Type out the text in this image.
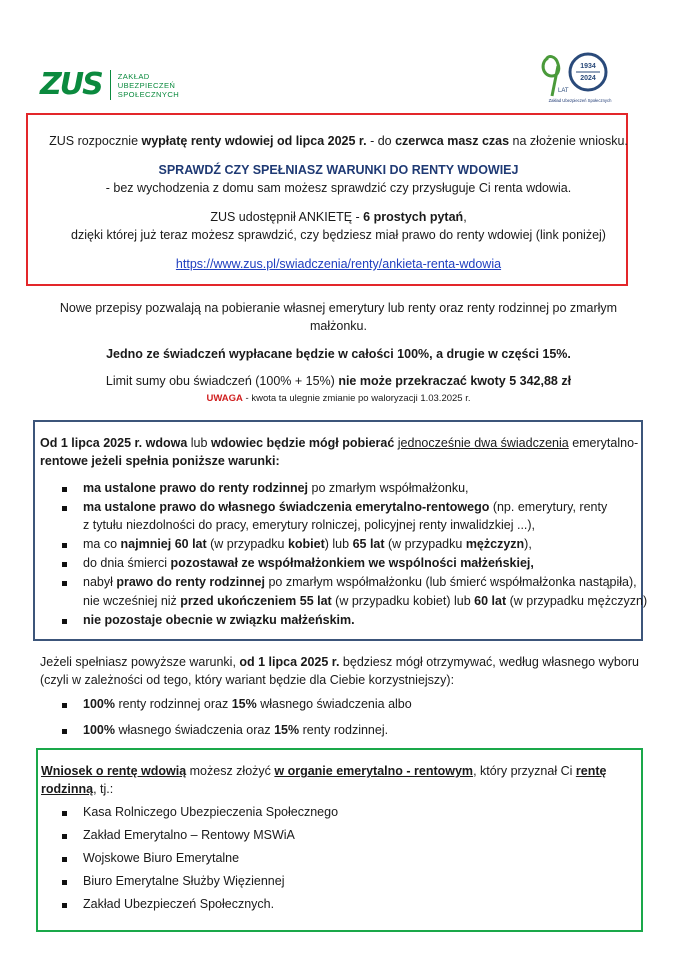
ZUS ZAKŁAD
UBEZPIECZEŃ
SPOŁECZNYCH
1934
2024
LAT
Zakład Ubezpieczeń Społecznych
ZUS rozpocznie wypłatę renty wdowiej od lipca 2025 r. - do czerwca masz czas na złożenie wniosku.
SPRAWDŹ CZY SPEŁNIASZ WARUNKI DO RENTY WDOWIEJ
- bez wychodzenia z domu sam możesz sprawdzić czy przysługuje Ci renta wdowia.
ZUS udostępnił ANKIETĘ - 6 prostych pytań,
dzięki której już teraz możesz sprawdzić, czy będziesz miał prawo do renty wdowiej (link poniżej)
https://www.zus.pl/swiadczenia/renty/ankieta-renta-wdowia
Nowe przepisy pozwalają na pobieranie własnej emerytury lub renty oraz renty rodzinnej po zmarłym
małżonku.
Jedno ze świadczeń wypłacane będzie w całości 100%, a drugie w części 15%.
Limit sumy obu świadczeń (100% + 15%) nie może przekraczać kwoty 5 342,88 zł
UWAGA - kwota ta ulegnie zmianie po waloryzacji 1.03.2025 r.
Od 1 lipca 2025 r. wdowa lub wdowiec będzie mógł pobierać jednocześnie dwa świadczenia emerytalno-
rentowe jeżeli spełnia poniższe warunki:
ma ustalone prawo do renty rodzinnej po zmarłym współmałżonku,
ma ustalone prawo do własnego świadczenia emerytalno-rentowego (np. emerytury, renty
z tytułu niezdolności do pracy, emerytury rolniczej, policyjnej renty inwalidzkiej ...),
ma co najmniej 60 lat (w przypadku kobiet) lub 65 lat (w przypadku mężczyzn),
do dnia śmierci pozostawał ze współmałżonkiem we wspólności małżeńskiej,
nabył prawo do renty rodzinnej po zmarłym współmałżonku (lub śmierć współmałżonka nastąpiła),
nie wcześniej niż przed ukończeniem 55 lat (w przypadku kobiet) lub 60 lat (w przypadku mężczyzn)
nie pozostaje obecnie w związku małżeńskim.
Jeżeli spełniasz powyższe warunki, od 1 lipca 2025 r. będziesz mógł otrzymywać, według własnego wyboru
(czyli w zależności od tego, który wariant będzie dla Ciebie korzystniejszy):
100% renty rodzinnej oraz 15% własnego świadczenia albo
100% własnego świadczenia oraz 15% renty rodzinnej.
Wniosek o rentę wdowią możesz złożyć w organie emerytalno - rentowym, który przyznał Ci rentę
rodzinną, tj.:
Kasa Rolniczego Ubezpieczenia Społecznego
Zakład Emerytalno – Rentowy MSWiA
Wojskowe Biuro Emerytalne
Biuro Emerytalne Służby Więziennej
Zakład Ubezpieczeń Społecznych.
